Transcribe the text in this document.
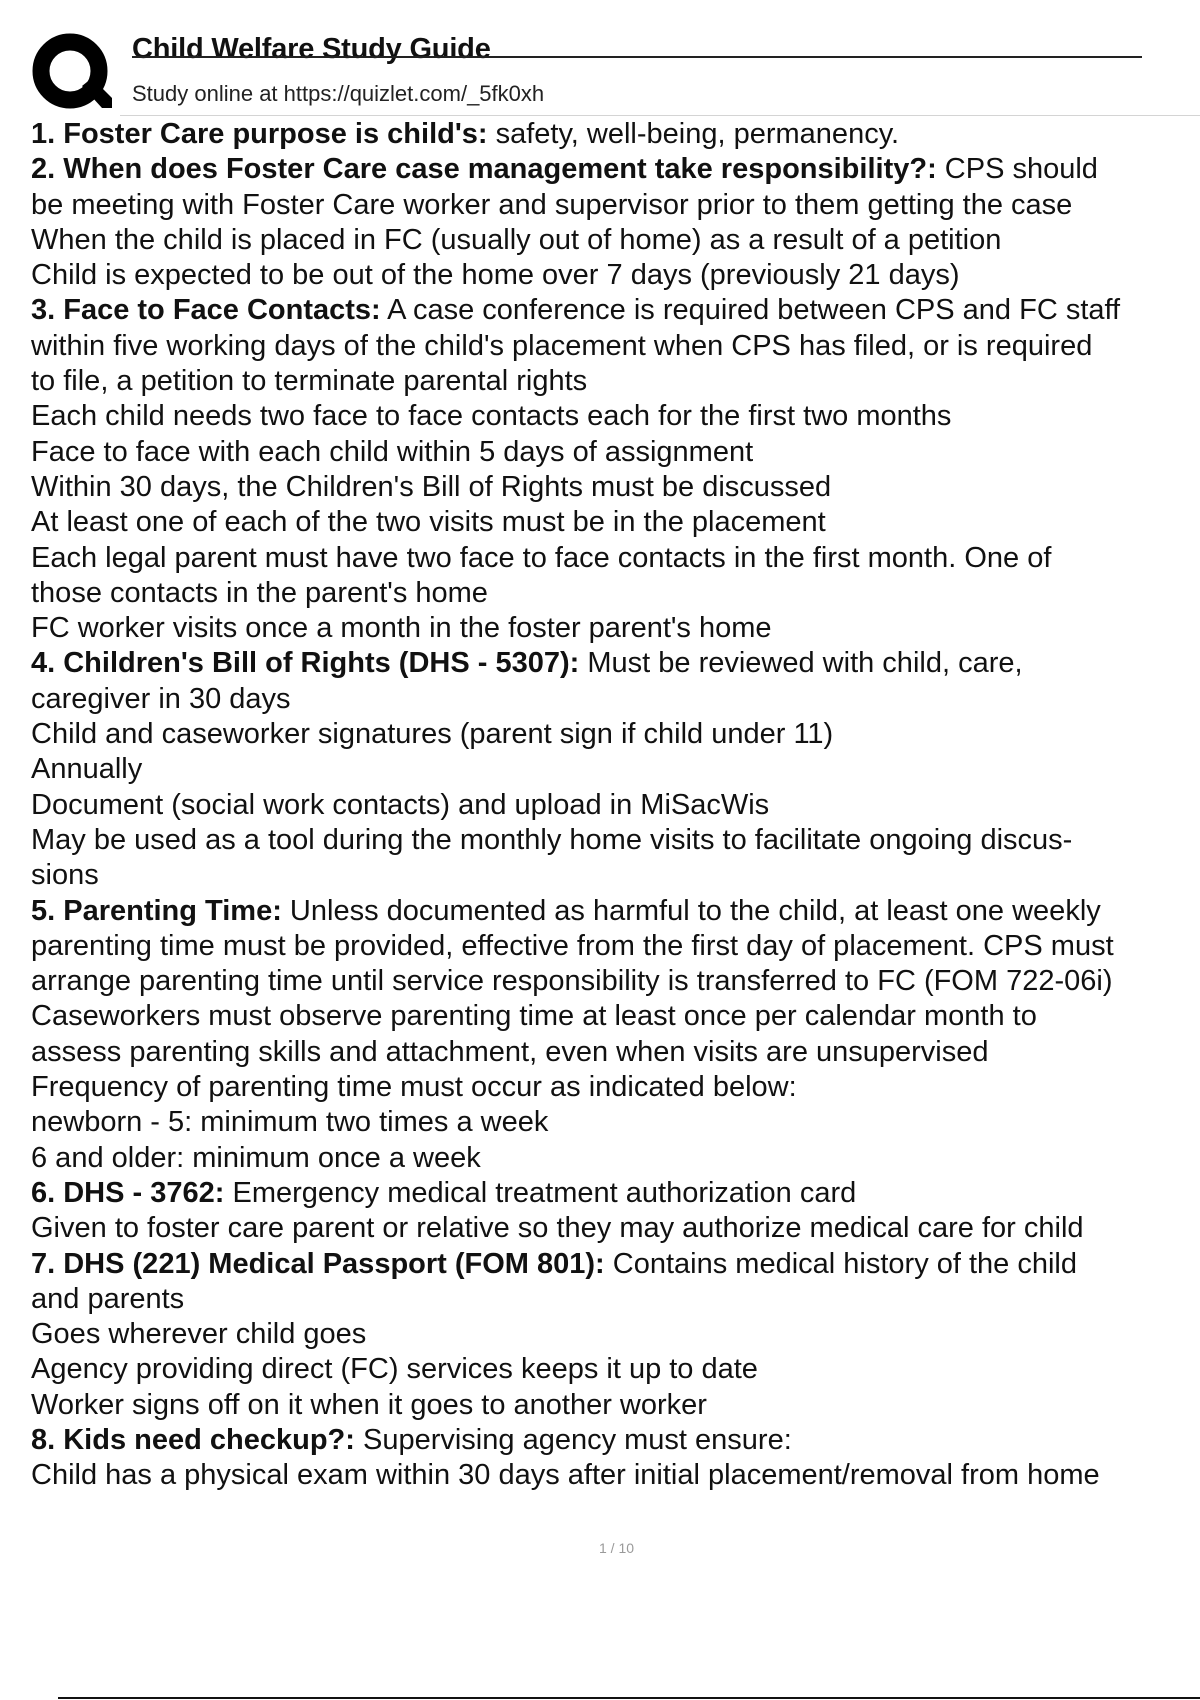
Child Welfare Study Guide
Study online at https://quizlet.com/_5fk0xh
1. Foster Care purpose is child's: safety, well-being, permanency.
2. When does Foster Care case management take responsibility?: CPS should
be meeting with Foster Care worker and supervisor prior to them getting the case
When the child is placed in FC (usually out of home) as a result of a petition
Child is expected to be out of the home over 7 days (previously 21 days)
3. Face to Face Contacts: A case conference is required between CPS and FC staff
within five working days of the child's placement when CPS has filed, or is required
to file, a petition to terminate parental rights
Each child needs two face to face contacts each for the first two months
Face to face with each child within 5 days of assignment
Within 30 days, the Children's Bill of Rights must be discussed
At least one of each of the two visits must be in the placement
Each legal parent must have two face to face contacts in the first month. One of
those contacts in the parent's home
FC worker visits once a month in the foster parent's home
4. Children's Bill of Rights (DHS - 5307): Must be reviewed with child, care,
caregiver in 30 days
Child and caseworker signatures (parent sign if child under 11)
Annually
Document (social work contacts) and upload in MiSacWis
May be used as a tool during the monthly home visits to facilitate ongoing discus-
sions
5. Parenting Time: Unless documented as harmful to the child, at least one weekly
parenting time must be provided, effective from the first day of placement. CPS must
arrange parenting time until service responsibility is transferred to FC (FOM 722-06i)
Caseworkers must observe parenting time at least once per calendar month to
assess parenting skills and attachment, even when visits are unsupervised
Frequency of parenting time must occur as indicated below:
newborn - 5: minimum two times a week
6 and older: minimum once a week
6. DHS - 3762: Emergency medical treatment authorization card
Given to foster care parent or relative so they may authorize medical care for child
7. DHS (221) Medical Passport (FOM 801): Contains medical history of the child
and parents
Goes wherever child goes
Agency providing direct (FC) services keeps it up to date
Worker signs off on it when it goes to another worker
8. Kids need checkup?: Supervising agency must ensure:
Child has a physical exam within 30 days after initial placement/removal from home
1 / 10
